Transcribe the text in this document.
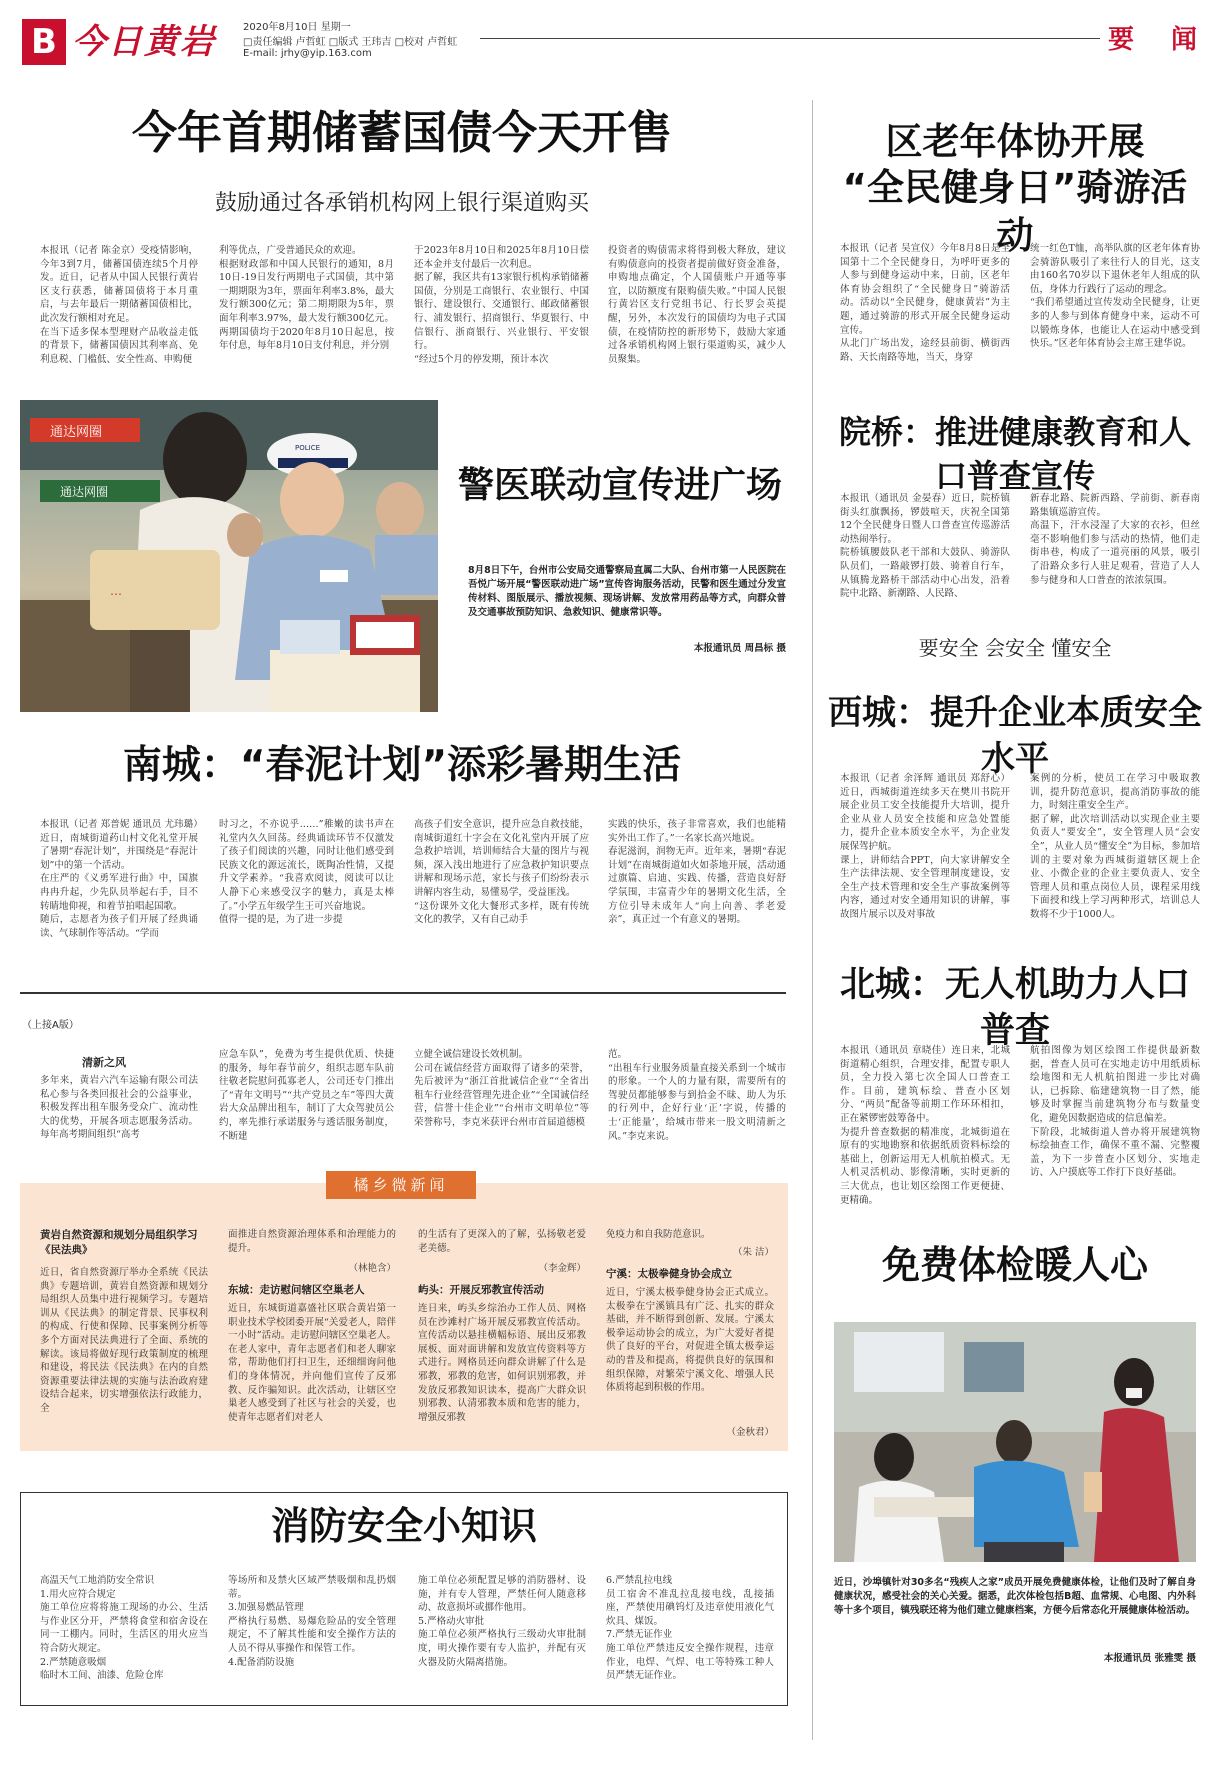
B 今日黄岩	2020年8月10日 星期一
□责任编辑 卢哲虹 □版式 王玮吉 □校对 卢哲虹
E-mail: jrhy@yip.163.com	要 闻
今年首期储蓄国债今天开售
鼓励通过各承销机构网上银行渠道购买
本报讯（记者 陈金京）受疫情影响，今年3到7月，储蓄国债连续5个月停发。近日，记者从中国人民银行黄岩区支行获悉，储蓄国债将于本月重启，与去年最后一期储蓄国债相比，此次发行额相对充足。
在当下适多保本型理财产品收益走低的背景下，储蓄国债因其利率高、免利息税、门槛低、安全性高、申购便
利等优点，广受普通民众的欢迎。
根据财政部和中国人民银行的通知，8月10日-19日发行两期电子式国债，其中第一期期限为3年，票面年利率3.8%，最大发行额300亿元；第二期期限为5年，票面年利率3.97%，最大发行额300亿元。两期国债均于2020年8月10日起息，按年付息，每年8月10日支付利息，并分别
于2023年8月10日和2025年8月10日偿还本金并支付最后一次利息。
据了解，我区共有13家银行机构承销储蓄国债，分别是工商银行、农业银行、中国银行、建设银行、交通银行、邮政储蓄银行、浦发银行、招商银行、华夏银行、中信银行、浙商银行、兴业银行、平安银行。
“经过5个月的停发期，预计本次
投资者的购债需求将得到极大释放，建议有购债意向的投资者提前做好资金准备，申购地点确定，个人国债账户开通等事宜，以防额度有限购债失败。”中国人民银行黄岩区支行党组书记、行长罗会英提醒，另外，本次发行的国债均为电子式国债，在疫情防控的新形势下，鼓励大家通过各承销机构网上银行渠道购买，减少人员聚集。
通达网圈
通达网圈
…
POLICE
警医联动宣传进广场
8月8日下午，台州市公安局交通警察局直属二大队、台州市第一人民医院在吾悦广场开展“警医联动进广场”宣传咨询服务活动，民警和医生通过分发宣传材料、图版展示、播放视频、现场讲解、发放常用药品等方式，向群众普及交通事故预防知识、急救知识、健康常识等。
本报通讯员 周昌标 摄
南城：“春泥计划”添彩暑期生活
本报讯（记者 郑普妮 通讯员 尤玮璐）近日，南城街道药山村文化礼堂开展了暑期“春泥计划”，并围绕是“春泥计划”中的第一个活动。
在庄严的《义勇军进行曲》中，国旗冉冉升起，少先队员举起右手，目不转睛地仰视，和着节拍唱起国歌。
随后，志愿者为孩子们开展了经典诵读、气球制作等活动。“学而
时习之，不亦说乎……”稚嫩的读书声在礼堂内久久回荡。经典诵读环节不仅激发了孩子们阅读的兴趣，同时让他们感受到民族文化的源远流长，既陶冶性情，又提升文学素养。“我喜欢阅读，阅读可以让人静下心来感受汉字的魅力，真是太棒了。”小学五年级学生王可兴奋地说。
值得一提的是，为了进一步提
高孩子们安全意识，提升应急自救技能，南城街道红十字会在文化礼堂内开展了应急救护培训，培训师结合大量的图片与视频，深入浅出地进行了应急救护知识要点讲解和现场示范，家长与孩子们纷纷表示讲解内容生动，易懂易学，受益匪浅。
“这份课外文化大餐形式多样，既有传统文化的教学，又有自己动手
实践的快乐，孩子非常喜欢，我们也能精实外出工作了。”一名家长高兴地说。
春泥滋润，润物无声。近年来，暑期“春泥计划”在南城街道如火如荼地开展，活动通过旗篇、启迪、实践、传播，营造良好舒学氛围，丰富青少年的暑期文化生活，全方位引导未成年人“向上向善、孝老爱亲”，真正过一个有意义的暑期。
（上接A版）
清新之风
多年来，黄岩六汽车运输有限公司法私心参与各类回报社会的公益事业，积极发挥出租车服务受众广、流动性大的优势，开展各项志愿服务活动。每年高考期间组织“高考
应急车队”，免费为考生提供优质、快捷的服务，每年春节前夕，组织志愿车队前往敬老院慰问孤寡老人，公司还专门推出了“青年文明号”“共产党员之车”等四大黄岩大众品牌出租车，制订了大众驾驶员公约，率先推行承诺服务与透话服务制度，不断建
立健全诚信建设长效机制。
公司在诚信经营方面取得了诸多的荣誉，先后被评为“浙江首批诚信企业”“全省出租车行业经营管理先进企业”“全国诚信经营，信誉十佳企业”“台州市文明单位”等荣誉称号，李克米获评台州市首届道德模
范。
“出租车行业服务质量直接关系到一个城市的形象。一个人的力量有限，需要所有的驾驶员都能够参与到拾金不昧、助人为乐的行列中，企好行业‘正’字说，传播的士‘正能量’，给城市带来一股文明清新之风。”李克来说。
橘乡微新闻
黄岩自然资源和规划分局组织学习《民法典》
近日，省自然资源厅举办全系统《民法典》专题培训，黄岩自然资源和规划分局组织人员集中进行视频学习。专题培训从《民法典》的制定背景、民事权利的构成、行使和保障、民事案例分析等多个方面对民法典进行了全面、系统的解读。该局将做好现行政策制度的梳理和建设，将民法《民法典》在内的自然资源重要法律法规的实施与法治政府建设结合起来，切实增强依法行政能力，全
面推进自然资源治理体系和治理能力的提升。
（林艳含）
东城：走访慰问辖区空巢老人
近日，东城街道嘉盛社区联合黄岩第一职业技术学校团委开展“关爱老人，陪伴一小时”活动。走访慰问辖区空巢老人。在老人家中，青年志愿者们和老人聊家常，帮助他们打扫卫生，还细细询问他们的身体情况，并向他们宣传了反邪教、反诈骗知识。此次活动，让辖区空巢老人感受到了社区与社会的关爱，也使青年志愿者们对老人
的生活有了更深入的了解，弘扬敬老爱老美德。
（李金辉）
屿头：开展反邪教宣传活动
连日来，屿头乡综治办工作人员、网格员在沙滩村广场开展反邪教宣传活动。宣传活动以悬挂横幅标语、展出反邪教展板、面对面讲解和发放宣传资料等方式进行。网格员还向群众讲解了什么是邪教，邪教的危害，如何识别邪教，并发放反邪教知识读本，提高广大群众识别邪教、认清邪教本质和危害的能力，增强反邪教
免疫力和自我防范意识。
（朱 洁）
宁溪：太极拳健身协会成立
近日，宁溪太极拳健身协会正式成立。太极拳在宁溪镇具有广泛、扎实的群众基础，并不断得到创新、发展。宁溪太极拳运动协会的成立，为广大爱好者提供了良好的平台，对促进全镇太极拳运动的普及和提高，将提供良好的氛围和组织保障，对繁荣宁溪文化、增强人民体质将起到积极的作用。
（金秋君）
消防安全小知识
高温天气工地消防安全常识
1.用火应符合规定
施工单位应将将施工现场的办公、生活与作业区分开，严禁将食堂和宿舍设在同一工棚内。同时，生活区的用火应当符合防火规定。
2.严禁随意吸烟
临时木工间、油漆、危险仓库
等场所和及禁火区域严禁吸烟和乱扔烟蒂。
3.加强易燃品管理
严格执行易燃、易爆危险品的安全管理规定，不了解其性能和安全操作方法的人员不得从事操作和保管工作。
4.配备消防设施
施工单位必须配置足够的消防器材、设施，并有专人管理，严禁任何人随意移动、故意损坏或挪作他用。
5.严格动火审批
施工单位必须严格执行三级动火审批制度，明火操作要有专人监护，并配有灭火器及防火隔离措施。
6.严禁乱拉电线
员工宿舍不准乱拉乱接电线，乱接插座，严禁使用碘钨灯及违章使用液化气炊具、煤饭。
7.严禁无证作业
施工单位严禁违反安全操作规程，违章作业，电焊、气焊、电工等特殊工种人员严禁无证作业。
区老年体协开展
“全民健身日”骑游活动
本报讯（记者 吴宣仪）今年8月8日是全国第十二个全民健身日，为呼吁更多的人参与到健身运动中来，日前，区老年体育协会组织了“全民健身日”骑游活动。活动以“全民健身，健康黄岩”为主题，通过骑游的形式开展全民健身运动宣传。
从北门广场出发，途经县前街、横街西路、天长南路等地，当天，身穿
统一红色T恤，高举队旗的区老年体育协会骑游队吸引了来往行人的目光，这支由160名70岁以下退休老年人组成的队伍，身体力行践行了运动的理念。
“我们希望通过宣传发动全民健身，让更多的人参与到体育健身中来，运动不可以锻炼身体，也能让人在运动中感受到快乐。”区老年体育协会主席王建华说。
院桥：推进健康教育和人口普查宣传
本报讯（通讯员 金晏春）近日，院桥镇街头红旗飘扬，锣鼓喧天，庆祝全国第12个全民健身日暨人口普查宣传巡游活动热闹举行。
院桥镇腰鼓队老干部和大鼓队、骑游队队员们，一路敲锣打鼓、骑着自行车，从镇腾龙路桥干部活动中心出发，沿着院中北路、新潮路、人民路、
新春北路、院新西路、学前街、新春南路集镇巡游宣传。
高温下，汗水浸湿了大家的衣衫，但丝毫不影响他们参与活动的热情，他们走街串巷，构成了一道亮丽的风景，吸引了沿路众多行人驻足观看，营造了人人参与健身和人口普查的浓浓氛围。
要安全 会安全 懂安全
西城：提升企业本质安全水平
本报讯（记者 余泽辉 通讯员 郑舒心）近日，西城街道连续多天在樊川书院开展企业员工安全技能提升大培训，提升企业从业人员安全技能和应急处置能力，提升企业本质安全水平，为企业发展保驾护航。
课上，讲师结合PPT，向大家讲解安全生产法律法规、安全管理制度建设，安全生产技术管理和安全生产事故案例等内容，通过对安全通用知识的讲解，事故图片展示以及对事故
案例的分析，使员工在学习中吸取教训，提升防范意识，提高消防事故的能力，时刻注重安全生产。
据了解，此次培训活动以实现企业主要负责人“要安全”，安全管理人员“会安全”，从业人员“懂安全”为目标，参加培训的主要对象为西城街道辖区规上企业、小微企业的企业主要负责人、安全管理人员和重点岗位人员，课程采用线下面授和线上学习两种形式，培训总人数将不少于1000人。
北城：无人机助力人口普查
本报讯（通讯员 章晓佳）连日来，北城街道精心组织，合理安排，配置专职人员，全力投入第七次全国人口普查工作。目前，建筑标绘、普查小区划分、“两员”配备等前期工作环环相扣，正在紧锣密鼓筹备中。
为提升普查数据的精准度，北城街道在原有的实地勘察和依据纸质资料标绘的基础上，创新运用无人机航拍模式。无人机灵活机动、影像清晰，实时更新的三大优点，也让划区绘图工作更便捷、更精确。
航拍图像为划区绘图工作提供最新数据，普查人员可在实地走访中用纸质标绘地图和无人机航拍图进一步比对确认，已拆除、临建建筑物一目了然，能够及时掌握当前建筑物分布与数量变化，避免因数据造成的信息偏差。
下阶段，北城街道人普办将开展建筑物标绘抽查工作，确保不重不漏、完整覆盖，为下一步普查小区划分、实地走访、入户摸底等工作打下良好基础。
免费体检暖人心
近日，沙埠镇针对30多名“残疾人之家”成员开展免费健康体检，让他们及时了解自身健康状况，感受社会的关心关爱。据悉，此次体检包括B超、血常规、心电图、内外科等十多个项目，镇残联还将为他们建立健康档案，方便今后常态化开展健康体检活动。
本报通讯员 张雅雯 摄
